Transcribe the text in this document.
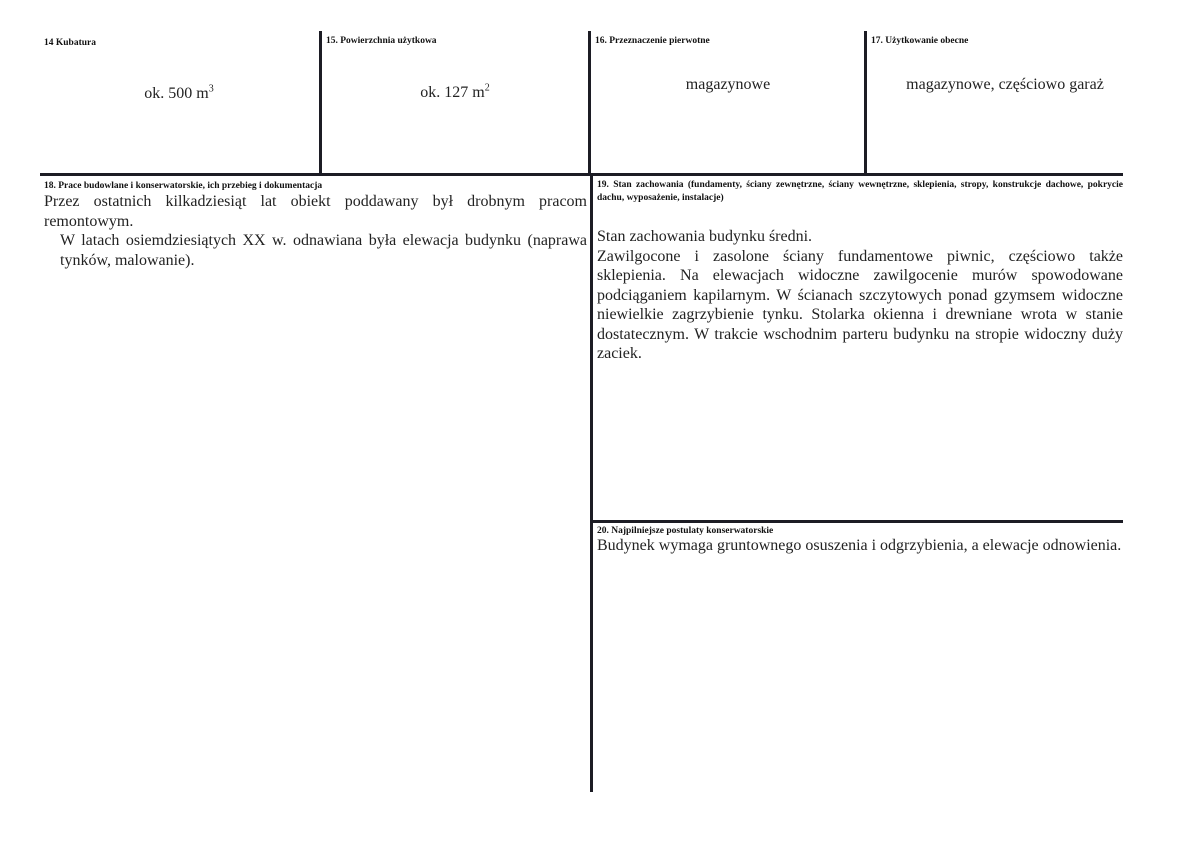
14 Kubatura
ok. 500 $m^3$
15. Powierzchnia użytkowa
ok. 127 $m^2$
16. Przeznaczenie pierwotne
magazynowe
17. Użytkowanie obecne
magazynowe, częściowo garaż
18. Prace budowlane i konserwatorskie, ich przebieg i dokumentacja

Przez ostatnich kilkadziesiąt lat obiekt poddawany był drobnym pracom remontowym.

W latach osiemdziesiątych XX w. odnawiana była elewacja budynku (naprawa tynków, malowanie).

19. Stan zachowania (fundamenty, ściany zewnętrzne, ściany wewnętrzne, sklepienia, stropy, konstrukcje dachowe, pokrycie dachu, wyposażenie, instalacje)

Stan zachowania budynku średni.

Zawilgocone i zasolone ściany fundamentowe piwnic, częściowo także sklepienia. Na elewacjach widoczne zawilgocenie murów spowodowane podciąganiem kapilarnym. W ścianach szczytowych ponad gzymsem widoczne niewielkie zagrzybienie tynku. Stolarka okienna i drewniane wrota w stanie dostatecznym. W trakcie wschodnim parteru budynku na stropie widoczny duży zaciek.

20. Najpilniejsze postulaty konserwatorskie

Budynek wymaga gruntownego osuszenia i odgrzybienia, a elewacje odnowienia.
